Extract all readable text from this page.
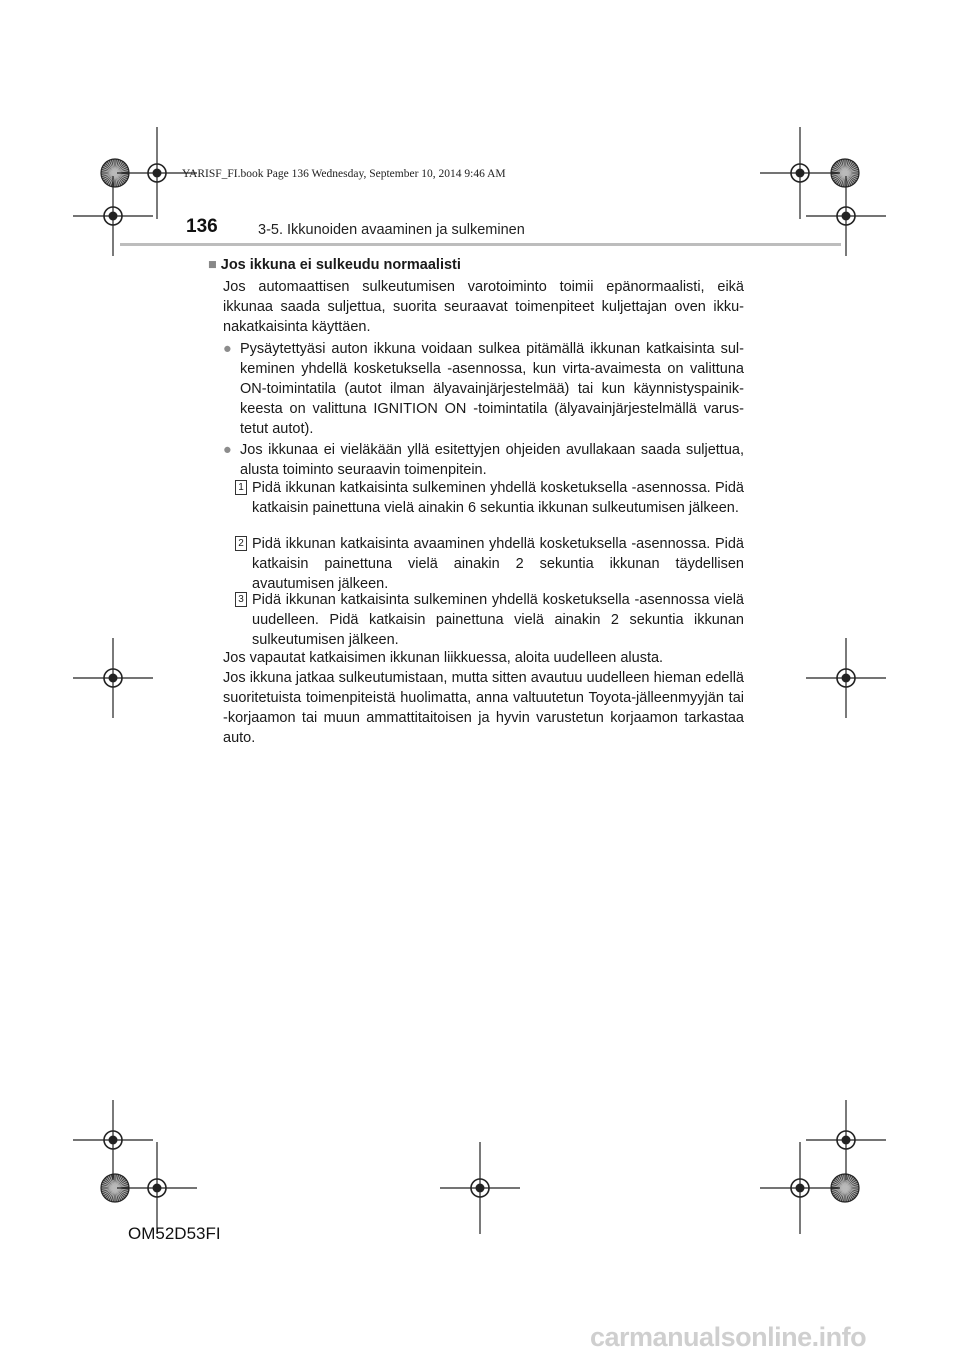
YARISF_FI.book Page 136 Wednesday, September 10, 2014 9:46 AM
136	3-5. Ikkunoiden avaaminen ja sulkeminen
■ Jos ikkuna ei sulkeudu normaalisti
Jos automaattisen sulkeutumisen varotoiminto toimii epänormaalisti, eikä ikkunaa saada suljettua, suorita seuraavat toimenpiteet kuljettajan oven ikkunakatkaisinta käyttäen.
● Pysäytettyäsi auton ikkuna voidaan sulkea pitämällä ikkunan katkaisinta sulkeminen yhdellä kosketuksella -asennossa, kun virta-avaimesta on valittuna ON-toimintatila (autot ilman älyavainjärjestelmää) tai kun käynnistyspainikkeesta on valittuna IGNITION ON -toimintatila (älyavainjärjestelmällä varustetut autot).
● Jos ikkunaa ei vieläkään yllä esitettyjen ohjeiden avullakaan saada suljettua, alusta toiminto seuraavin toimenpitein.
1 Pidä ikkunan katkaisinta sulkeminen yhdellä kosketuksella -asennossa. Pidä katkaisin painettuna vielä ainakin 6 sekuntia ikkunan sulkeutumisen jälkeen.
2 Pidä ikkunan katkaisinta avaaminen yhdellä kosketuksella -asennossa. Pidä katkaisin painettuna vielä ainakin 2 sekuntia ikkunan täydellisen avautumisen jälkeen.
3 Pidä ikkunan katkaisinta sulkeminen yhdellä kosketuksella -asennossa vielä uudelleen. Pidä katkaisin painettuna vielä ainakin 2 sekuntia ikkunan sulkeutumisen jälkeen.
Jos vapautat katkaisimen ikkunan liikkuessa, aloita uudelleen alusta.
Jos ikkuna jatkaa sulkeutumistaan, mutta sitten avautuu uudelleen hieman edellä suoritetuista toimenpiteistä huolimatta, anna valtuutetun Toyota-jälleenmyyjän tai -korjaamon tai muun ammattitaitoisen ja hyvin varustetun korjaamon tarkastaa auto.
OM52D53FI
carmanualsonline.info
